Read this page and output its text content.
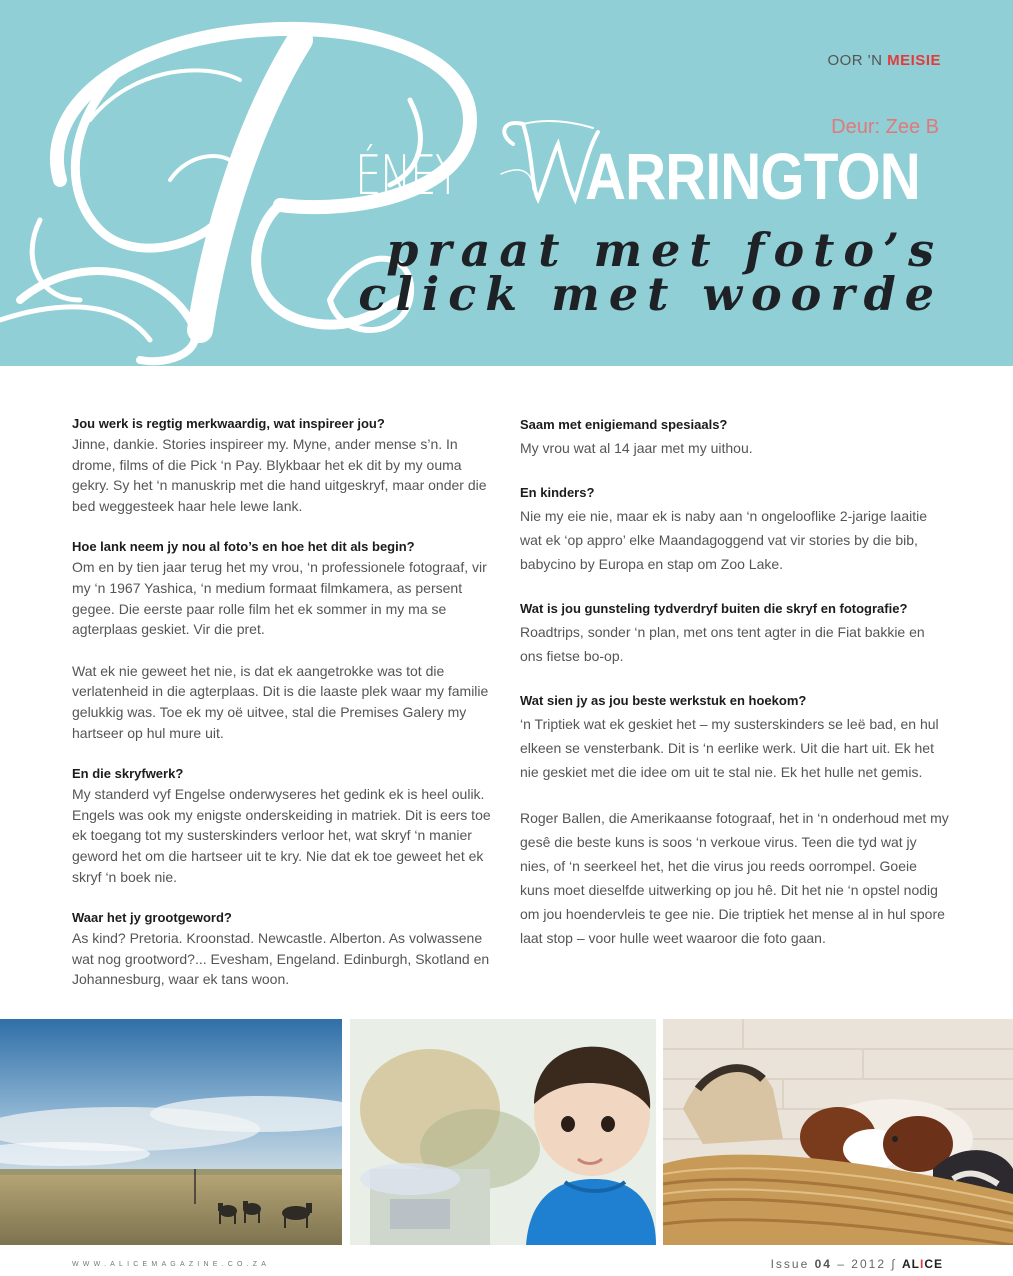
OOR 'N MEISIE
Deur: Zee B
ÉNEY ARRINGTON
praat met foto’s
click met woorde
Jou werk is regtig merkwaardig, wat inspireer jou?
Jinne, dankie. Stories inspireer my. Myne, ander mense s’n. In drome, films of die Pick ‘n Pay. Blykbaar het ek dit by my ouma gekry. Sy het ‘n manuskrip met die hand uitgeskryf, maar onder die bed weggesteek haar hele lewe lank.
Hoe lank neem jy nou al foto’s en hoe het dit als begin?
Om en by tien jaar terug het my vrou, ‘n professionele fotograaf, vir my ‘n 1967 Yashica, ‘n medium formaat filmkamera, as persent gegee. Die eerste paar rolle film het ek sommer in my ma se agterplaas geskiet. Vir die pret.
Wat ek nie geweet het nie, is dat ek aangetrokke was tot die verlatenheid in die agterplaas. Dit is die laaste plek waar my familie gelukkig was. Toe ek my oë uitvee, stal die Premises Galery my hartseer op hul mure uit.
En die skryfwerk?
My standerd vyf Engelse onderwyseres het gedink ek is heel oulik. Engels was ook my enigste onderskeiding in matriek. Dit is eers toe ek toegang tot my susterskinders verloor het, wat skryf ‘n manier geword het om die hartseer uit te kry. Nie dat ek toe geweet het ek skryf ‘n boek nie.
Waar het jy grootgeword?
As kind? Pretoria. Kroonstad. Newcastle. Alberton. As volwassene wat nog grootword?... Evesham, Engeland. Edinburgh, Skotland en Johannesburg, waar ek tans woon.
Saam met enigiemand spesiaals?
My vrou wat al 14 jaar met my uithou.
En kinders?
Nie my eie nie, maar ek is naby aan ‘n ongelooflike 2-jarige laaitie wat ek ‘op appro’ elke Maandagoggend vat vir stories by die bib, babycino by Europa en stap om Zoo Lake.
Wat is jou gunsteling tydverdryf buiten die skryf en fotografie?
Roadtrips, sonder ‘n plan, met ons tent agter in die Fiat bakkie en ons fietse bo-op.
Wat sien jy as jou beste werkstuk en hoekom?
‘n Triptiek wat ek geskiet het – my susterskinders se leë bad, en hul elkeen se vensterbank. Dit is ‘n eerlike werk. Uit die hart uit. Ek het nie geskiet met die idee om uit te stal nie. Ek het hulle net gemis.
Roger Ballen, die Amerikaanse fotograaf, het in ‘n onderhoud met my gesê die beste kuns is soos ‘n verkoue virus. Teen die tyd wat jy nies, of ‘n seerkeel het, het die virus jou reeds oorrompel. Goeie kuns moet dieselfde uitwerking op jou hê. Dit het nie ‘n opstel nodig om jou hoendervleis te gee nie. Die triptiek het mense al in hul spore laat stop – voor hulle weet waaroor die foto gaan.
WWW.ALICEMAGAZINE.CO.ZA	Issue 04 – 2012 ∫ ALICE
